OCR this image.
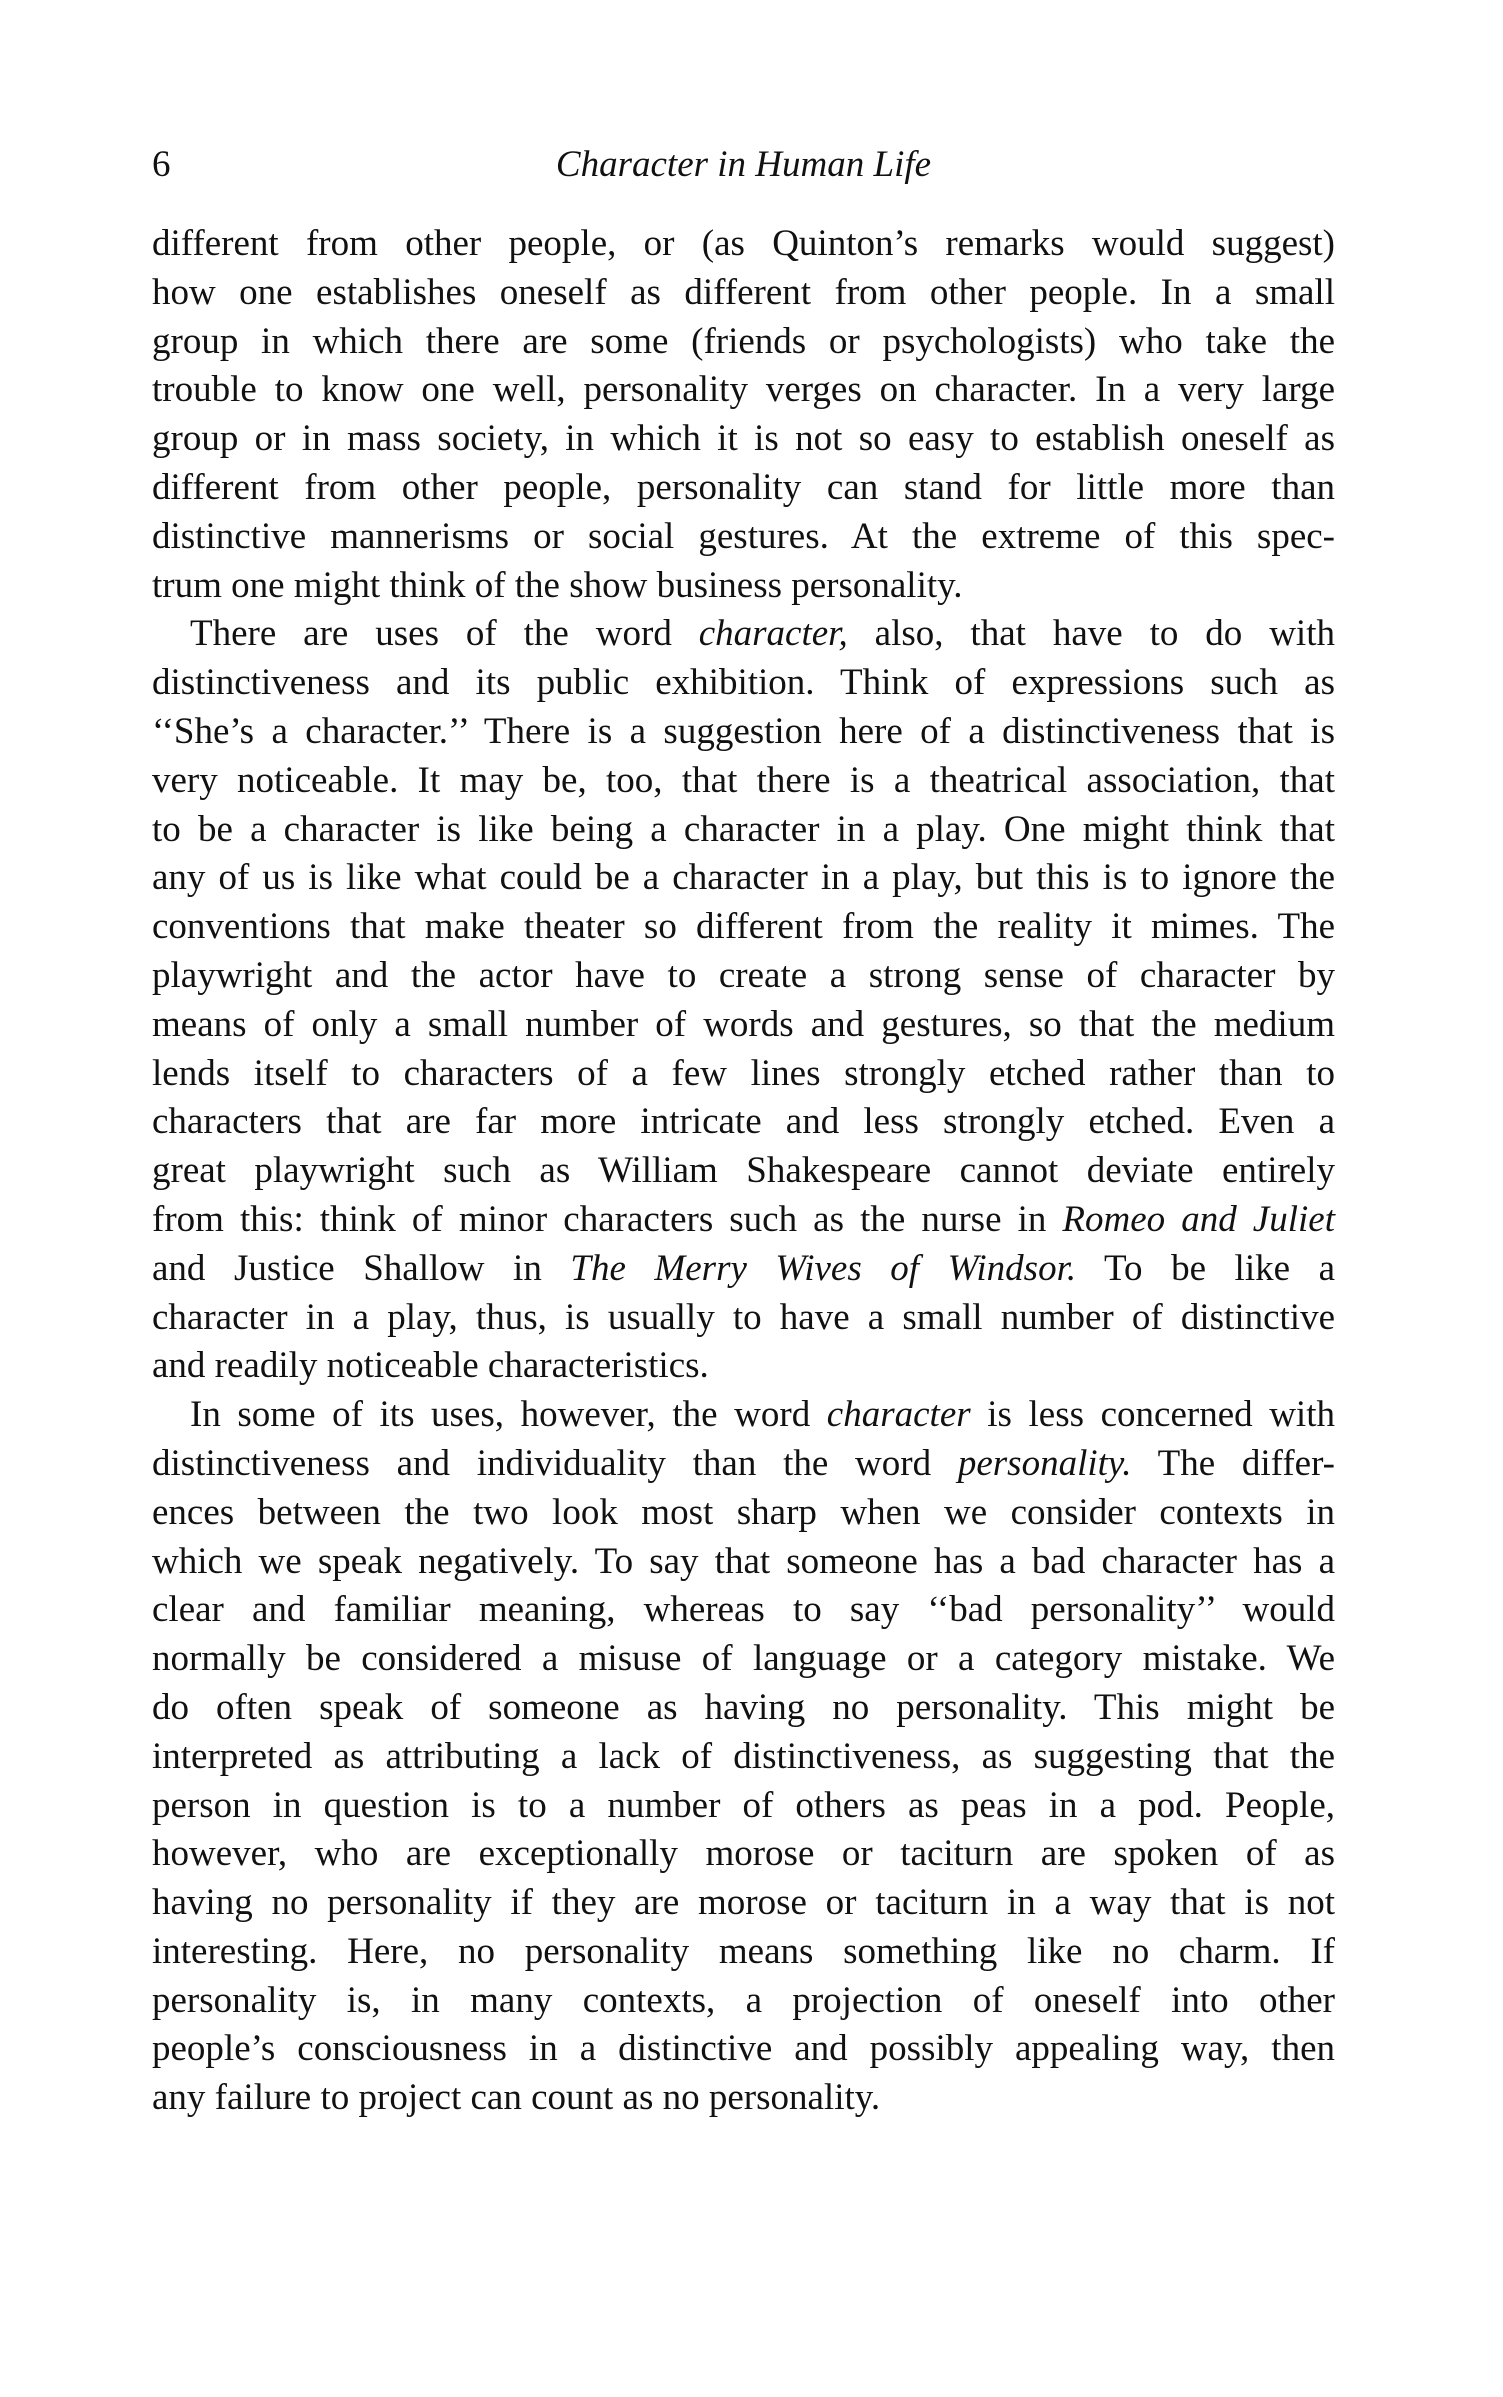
6	Character in Human Life
different from other people, or (as Quinton’s remarks would suggest)
how one establishes oneself as different from other people. In a small
group in which there are some (friends or psychologists) who take the
trouble to know one well, personality verges on character. In a very large
group or in mass society, in which it is not so easy to establish oneself as
different from other people, personality can stand for little more than
distinctive mannerisms or social gestures. At the extreme of this spec-
trum one might think of the show business personality.
There are uses of the word character, also, that have to do with
distinctiveness and its public exhibition. Think of expressions such as
‘‘She’s a character.’’ There is a suggestion here of a distinctiveness that is
very noticeable. It may be, too, that there is a theatrical association, that
to be a character is like being a character in a play. One might think that
any of us is like what could be a character in a play, but this is to ignore the
conventions that make theater so different from the reality it mimes. The
playwright and the actor have to create a strong sense of character by
means of only a small number of words and gestures, so that the medium
lends itself to characters of a few lines strongly etched rather than to
characters that are far more intricate and less strongly etched. Even a
great playwright such as William Shakespeare cannot deviate entirely
from this: think of minor characters such as the nurse in Romeo and Juliet
and Justice Shallow in The Merry Wives of Windsor. To be like a
character in a play, thus, is usually to have a small number of distinctive
and readily noticeable characteristics.
In some of its uses, however, the word character is less concerned with
distinctiveness and individuality than the word personality. The differ-
ences between the two look most sharp when we consider contexts in
which we speak negatively. To say that someone has a bad character has a
clear and familiar meaning, whereas to say ‘‘bad personality’’ would
normally be considered a misuse of language or a category mistake. We
do often speak of someone as having no personality. This might be
interpreted as attributing a lack of distinctiveness, as suggesting that the
person in question is to a number of others as peas in a pod. People,
however, who are exceptionally morose or taciturn are spoken of as
having no personality if they are morose or taciturn in a way that is not
interesting. Here, no personality means something like no charm. If
personality is, in many contexts, a projection of oneself into other
people’s consciousness in a distinctive and possibly appealing way, then
any failure to project can count as no personality.
